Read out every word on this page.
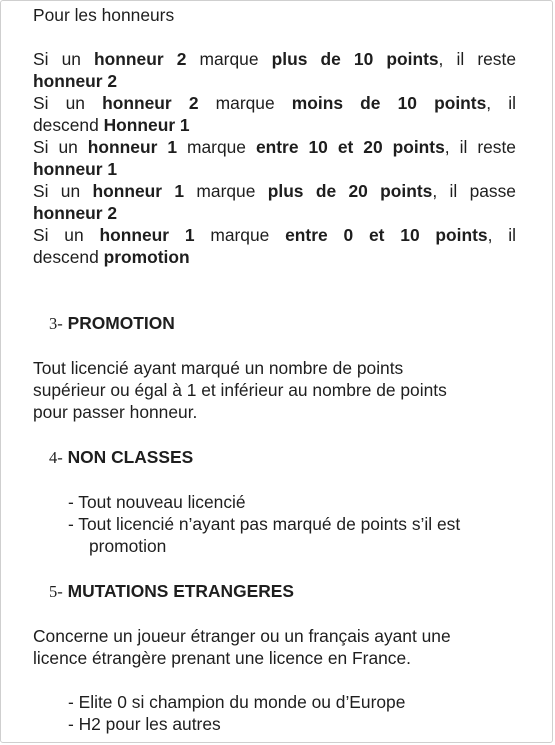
Pour les honneurs

Si un honneur 2 marque plus de 10 points, il reste

honneur 2

Si un honneur 2 marque moins de 10 points, il

descend Honneur 1

Si un honneur 1 marque entre 10 et 20 points, il reste

honneur 1

Si un honneur 1 marque plus de 20 points, il passe

honneur 2

Si un honneur 1 marque entre 0 et 10 points, il

descend promotion

3- PROMOTION

Tout licencié ayant marqué un nombre de points

supérieur ou égal à 1 et inférieur au nombre de points

pour passer honneur.

4- NON CLASSES

- Tout nouveau licencié

- Tout licencié n’ayant pas marqué de points s’il est

promotion

5- MUTATIONS ETRANGERES

Concerne un joueur étranger ou un français ayant une

licence étrangère prenant une licence en France.

- Elite 0 si champion du monde ou d’Europe

- H2 pour les autres
